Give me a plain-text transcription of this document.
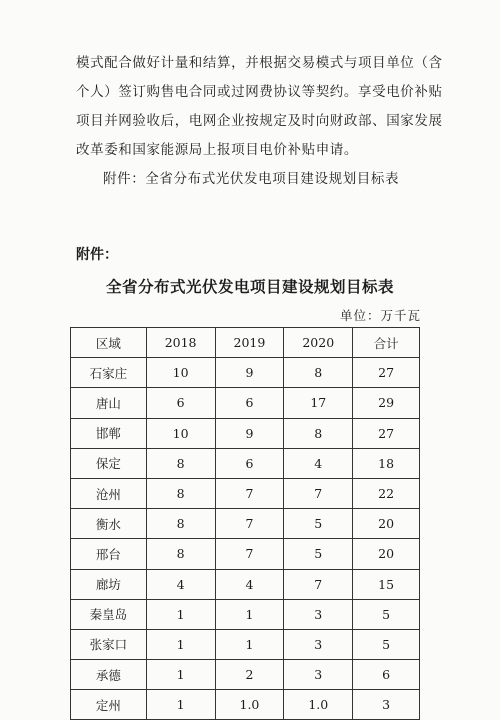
模式配合做好计量和结算，并根据交易模式与项目单位（含
个人）签订购售电合同或过网费协议等契约。享受电价补贴
项目并网验收后，电网企业按规定及时向财政部、国家发展
改革委和国家能源局上报项目电价补贴申请。
附件：全省分布式光伏发电项目建设规划目标表

附件：

全省分布式光伏发电项目建设规划目标表

单位：万千瓦

区域	2018	2019	2020	合计
石家庄	10	9	8	27
唐山	6	6	17	29
邯郸	10	9	8	27
保定	8	6	4	18
沧州	8	7	7	22
衡水	8	7	5	20
邢台	8	7	5	20
廊坊	4	4	7	15
秦皇岛	1	1	3	5
张家口	1	1	3	5
承德	1	2	3	6
定州	1	1.0	1.0	3
